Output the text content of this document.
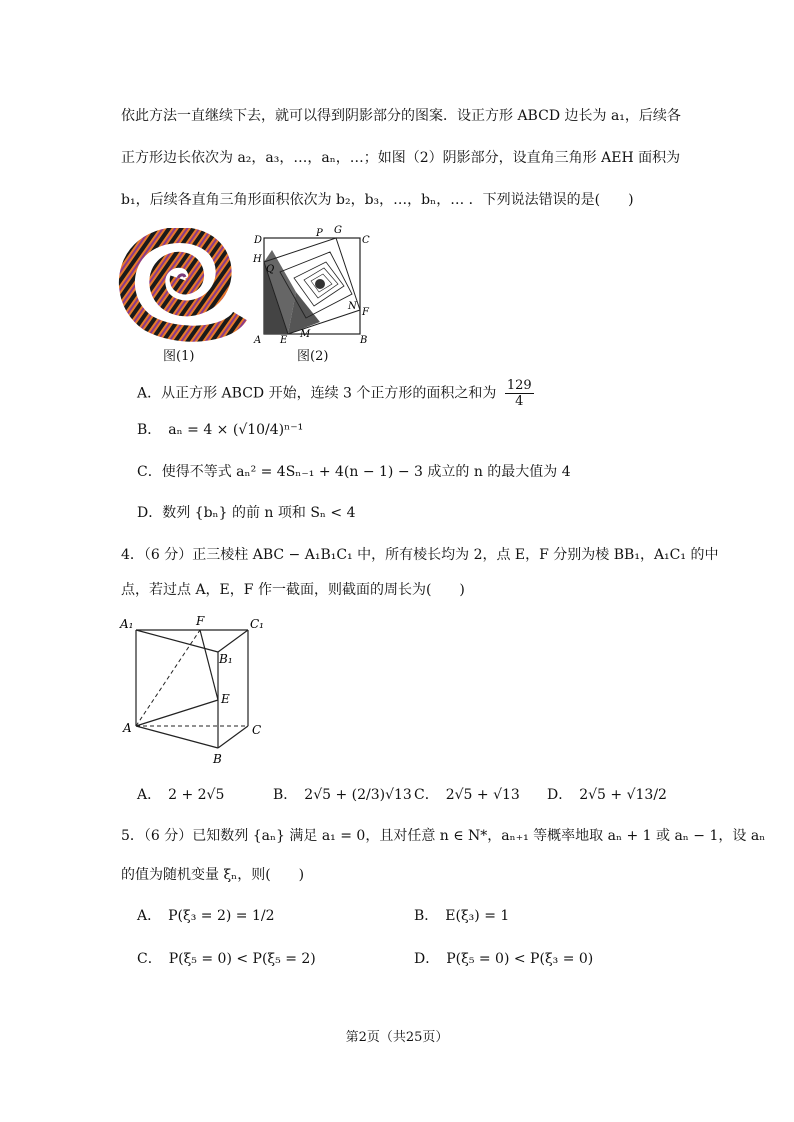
依此方法一直继续下去，就可以得到阴影部分的图案．设正方形 ABCD 边长为 a₁，后续各
正方形边长依次为 a₂，a₃，…，aₙ，…；如图（2）阴影部分，设直角三角形 AEH 面积为
b₁，后续各直角三角形面积依次为 b₂，b₃，…，bₙ，… ．下列说法错误的是(　　)
图(1)
D
P G
C
H
Q
N
F
A E
M
B
图(2)
A．从正方形 ABCD 开始，连续 3 个正方形的面积之和为 $\frac{129}{4}$
B．　aₙ = 4 × (√10/4)ⁿ⁻¹
C．使得不等式 aₙ² = 4Sₙ₋₁ + 4(n − 1) − 3 成立的 n 的最大值为 4
D．数列 {bₙ} 的前 n 项和 Sₙ < 4
4．（6 分）正三棱柱 ABC − A₁B₁C₁ 中，所有棱长均为 2，点 E，F 分别为棱 BB₁，A₁C₁ 的中
点，若过点 A，E，F 作一截面，则截面的周长为(　　)
A₁	F	C₁
B₁
E
A	C
B
A．　2 + 2√5	B．　2√5 + (2/3)√13 C．　2√5 + √13 D．　2√5 + √13/2
5．（6 分）已知数列 {aₙ} 满足 a₁ = 0，且对任意 n ∈ N*，aₙ₊₁ 等概率地取 aₙ + 1 或 aₙ − 1，设 aₙ
的值为随机变量 ξₙ，则(　　)
A．　P(ξ₃ = 2) = 1/2	B．　E(ξ₃) = 1
C．　P(ξ₅ = 0) < P(ξ₅ = 2)	D．　P(ξ₅ = 0) < P(ξ₃ = 0)
第2页（共25页）
